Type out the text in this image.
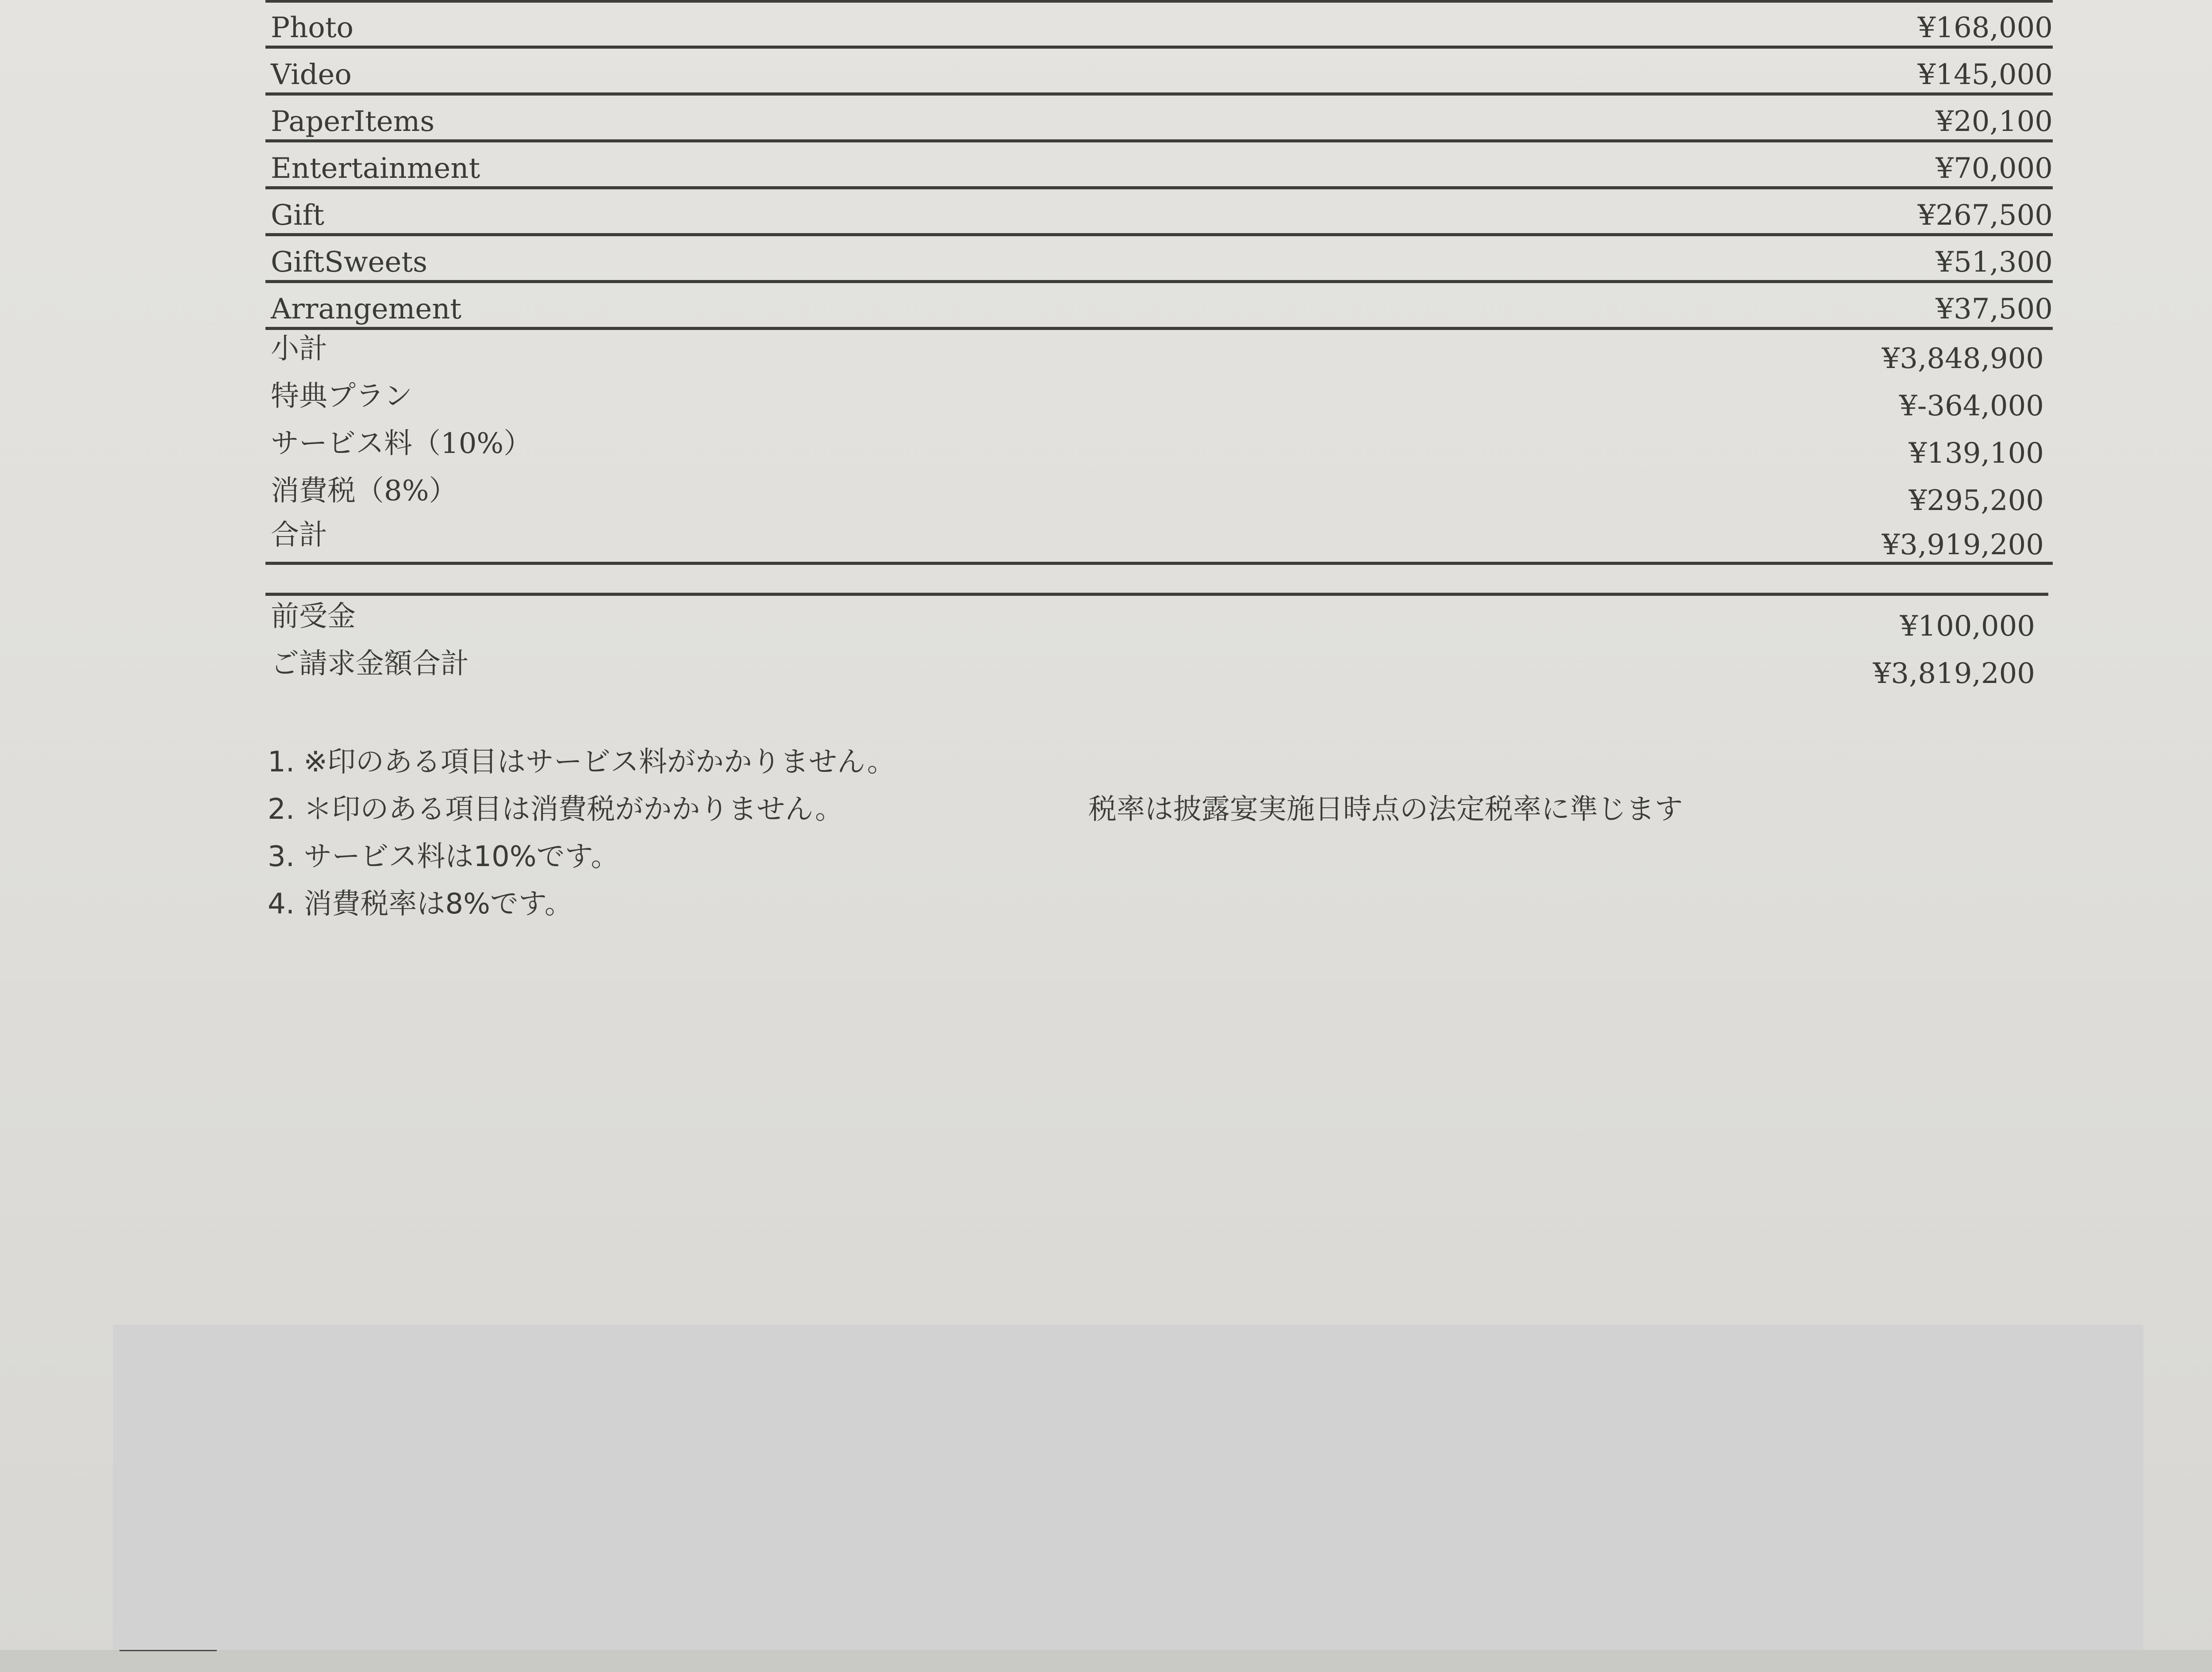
Photo	¥168,000
Video	¥145,000
PaperItems	¥20,100
Entertainment	¥70,000
Gift	¥267,500
GiftSweets	¥51,300
Arrangement	¥37,500
小計	¥3,848,900
特典プラン	¥-364,000
サービス料（10%）	¥139,100
消費税（8%）	¥295,200
合計	¥3,919,200
前受金	¥100,000
ご請求金額合計	¥3,819,200
1. ※印のある項目はサービス料がかかりません。
2. ＊印のある項目は消費税がかかりません。
3. サービス料は10%です。
4. 消費税率は8%です。
税率は披露宴実施日時点の法定税率に準じます
